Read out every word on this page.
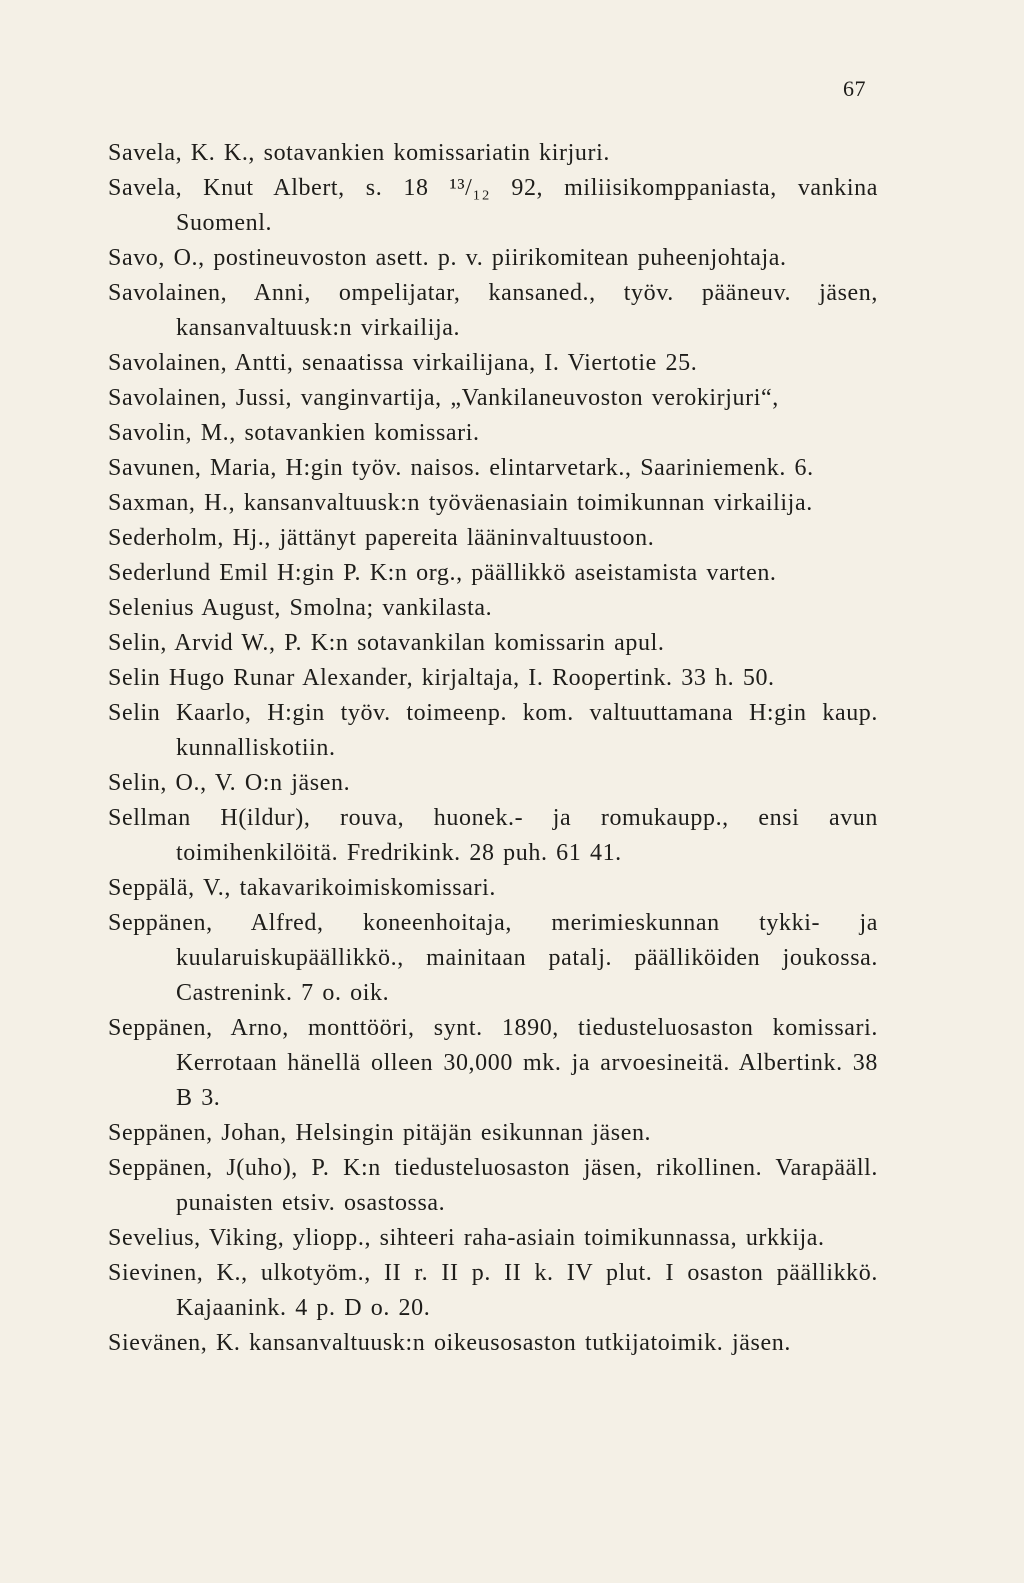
67
Savela, K. K., sotavankien komissariatin kirjuri.
Savela, Knut Albert, s. 18 ¹³/₁₂ 92, miliisikomppaniasta, vankina Suomenl.
Savo, O., postineuvoston asett. p. v. piirikomitean puheenjohtaja.
Savolainen, Anni, ompelijatar, kansaned., työv. pääneuv. jäsen, kansanvaltuusk:n virkailija.
Savolainen, Antti, senaatissa virkailijana, I. Viertotie 25.
Savolainen, Jussi, vanginvartija, „Vankilaneuvoston verokirjuri“,
Savolin, M., sotavankien komissari.
Savunen, Maria, H:gin työv. naisos. elintarvetark., Saariniemenk. 6.
Saxman, H., kansanvaltuusk:n työväenasiain toimikunnan virkailija.
Sederholm, Hj., jättänyt papereita lääninvaltuustoon.
Sederlund Emil H:gin P. K:n org., päällikkö aseistamista varten.
Selenius August, Smolna; vankilasta.
Selin, Arvid W., P. K:n sotavankilan komissarin apul.
Selin Hugo Runar Alexander, kirjaltaja, I. Roopertink. 33 h. 50.
Selin Kaarlo, H:gin työv. toimeenp. kom. valtuuttamana H:gin kaup. kunnalliskotiin.
Selin, O., V. O:n jäsen.
Sellman H(ildur), rouva, huonek.- ja romukaupp., ensi avun toimihenkilöitä. Fredrikink. 28 puh. 61 41.
Seppälä, V., takavarikoimiskomissari.
Seppänen, Alfred, koneenhoitaja, merimieskunnan tykki- ja kuularuiskupäällikkö., mainitaan patalj. päälliköiden joukossa. Castrenink. 7 o. oik.
Seppänen, Arno, monttööri, synt. 1890, tiedusteluosaston komissari. Kerrotaan hänellä olleen 30,000 mk. ja arvoesineitä. Albertink. 38 B 3.
Seppänen, Johan, Helsingin pitäjän esikunnan jäsen.
Seppänen, J(uho), P. K:n tiedusteluosaston jäsen, rikollinen. Varapääll. punaisten etsiv. osastossa.
Sevelius, Viking, yliopp., sihteeri raha-asiain toimikunnassa, urkkija.
Sievinen, K., ulkotyöm., II r. II p. II k. IV plut. I osaston päällikkö. Kajaanink. 4 p. D o. 20.
Sievänen, K. kansanvaltuusk:n oikeusosaston tutkijatoimik. jäsen.
